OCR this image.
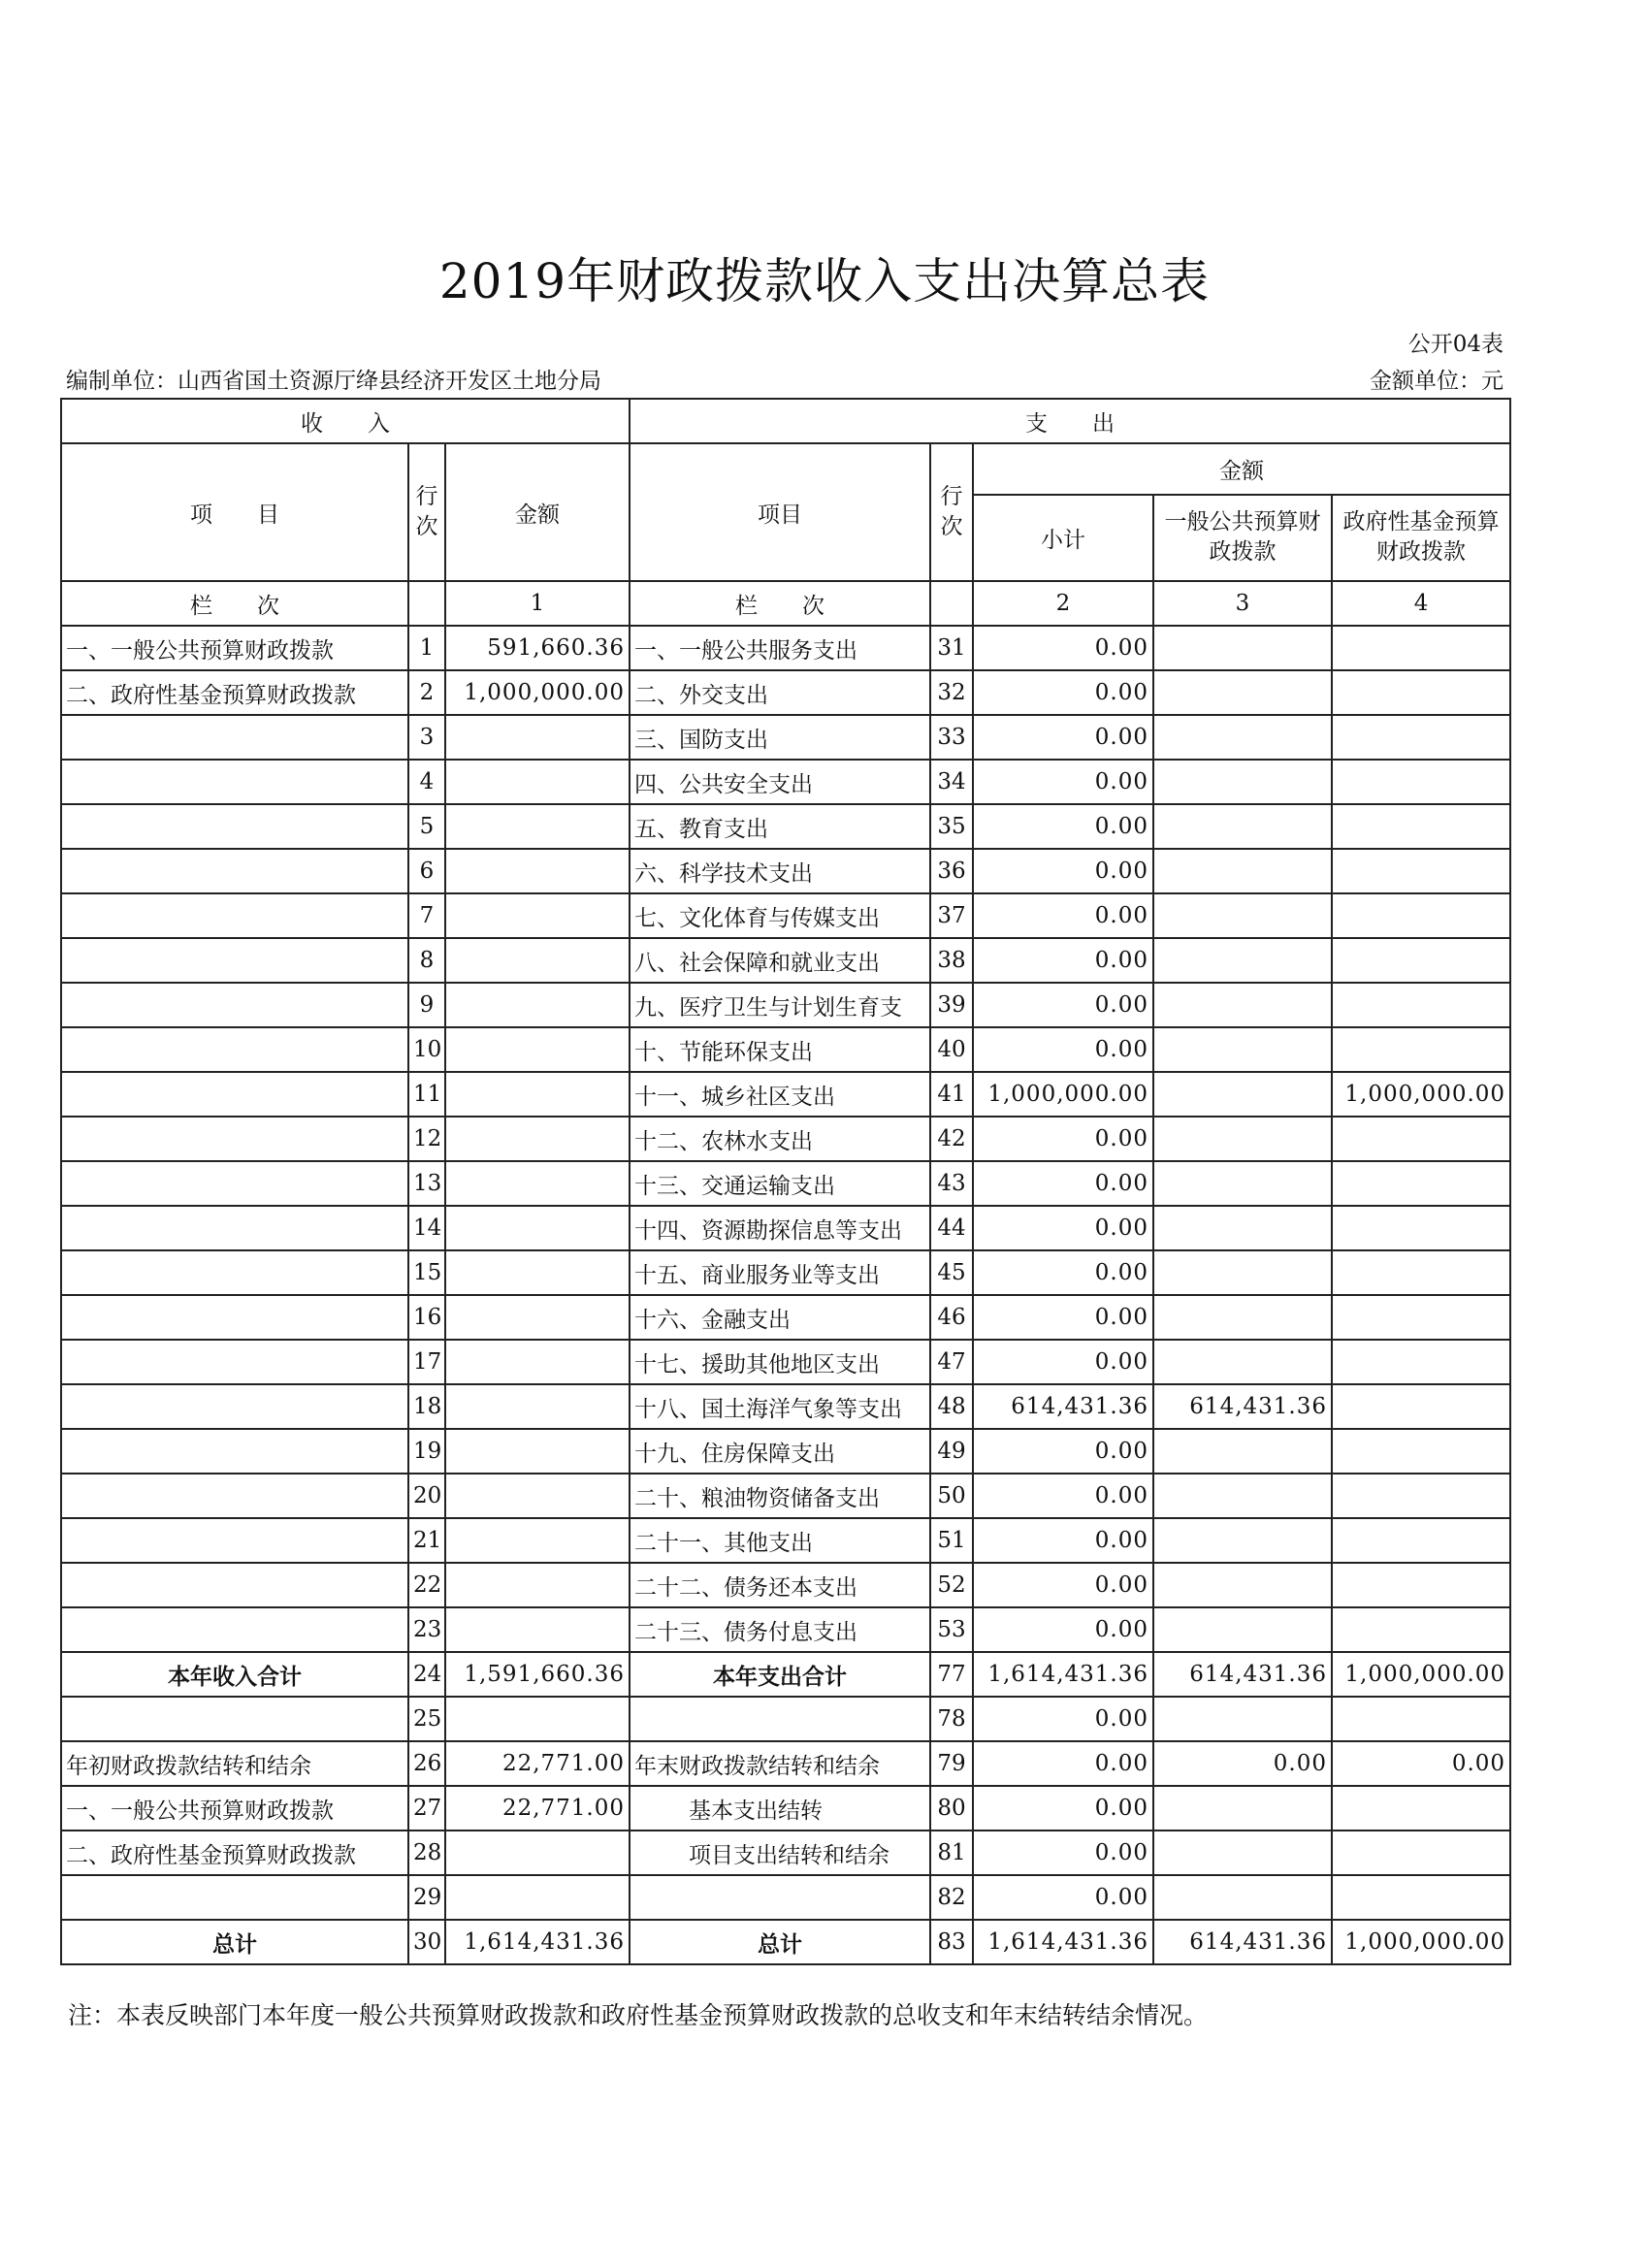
2019年财政拨款收入支出决算总表
公开04表
编制单位：山西省国土资源厅绛县经济开发区土地分局	金额单位：元
收　　入			支　　出				
项　　目	行次	金额	项目	行次	金额		
					小计	一般公共预算财政拨款	政府性基金预算财政拨款
栏　　次		1	栏　　次		2	3	4
一、一般公共预算财政拨款	1	591,660.36	一、一般公共服务支出	31	0.00		
二、政府性基金预算财政拨款	2	1,000,000.00	二、外交支出	32	0.00		
	3		三、国防支出	33	0.00		
	4		四、公共安全支出	34	0.00		
	5		五、教育支出	35	0.00		
	6		六、科学技术支出	36	0.00		
	7		七、文化体育与传媒支出	37	0.00		
	8		八、社会保障和就业支出	38	0.00		
	9		九、医疗卫生与计划生育支	39	0.00		
	10		十、节能环保支出	40	0.00		
	11		十一、城乡社区支出	41	1,000,000.00		1,000,000.00
	12		十二、农林水支出	42	0.00		
	13		十三、交通运输支出	43	0.00		
	14		十四、资源勘探信息等支出	44	0.00		
	15		十五、商业服务业等支出	45	0.00		
	16		十六、金融支出	46	0.00		
	17		十七、援助其他地区支出	47	0.00		
	18		十八、国土海洋气象等支出	48	614,431.36	614,431.36	
	19		十九、住房保障支出	49	0.00		
	20		二十、粮油物资储备支出	50	0.00		
	21		二十一、其他支出	51	0.00		
	22		二十二、债务还本支出	52	0.00		
	23		二十三、债务付息支出	53	0.00		
本年收入合计	24	1,591,660.36	本年支出合计	77	1,614,431.36	614,431.36	1,000,000.00
	25			78	0.00		
年初财政拨款结转和结余	26	22,771.00	年末财政拨款结转和结余	79	0.00	0.00	0.00
一、一般公共预算财政拨款	27	22,771.00	基本支出结转	80	0.00		
二、政府性基金预算财政拨款	28		项目支出结转和结余	81	0.00		
	29			82	0.00		
总计	30	1,614,431.36	总计	83	1,614,431.36	614,431.36	1,000,000.00
注：本表反映部门本年度一般公共预算财政拨款和政府性基金预算财政拨款的总收支和年末结转结余情况。
